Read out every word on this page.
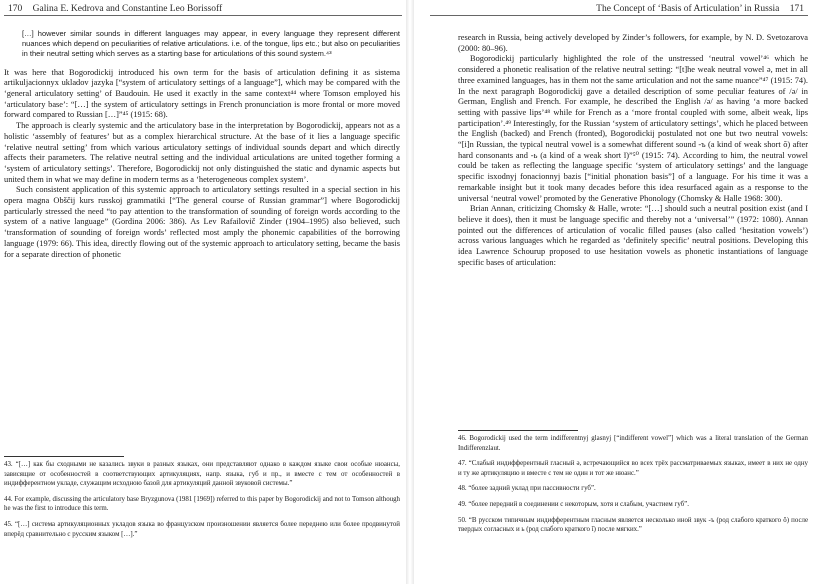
170 Galina E. Kedrova and Constantine Leo Borissoff
[…] however similar sounds in different languages may appear, in every language they represent different nuances which depend on peculiarities of relative articulations. i.e. of the tongue, lips etc.; but also on peculiarities in their neutral setting which serves as a starting base for articulations of this sound system.⁴³

It was here that Bogorodickij introduced his own term for the basis of articulation defining it as sistema artikuljacionnyx ukladov jazyka [“system of articulatory settings of a language”], which may be compared with the ‘general articulatory setting’ of Baudouin. He used it exactly in the same context⁴⁴ where Tomson employed his ‘articulatory base’: “[…] the system of articulatory settings in French pronunciation is more frontal or more moved forward compared to Russian […]”⁴⁵ (1915: 68).

The approach is clearly systemic and the articulatory base in the interpretation by Bogorodickij, appears not as a holistic ‘assembly of features’ but as a complex hierarchical structure. At the base of it lies a language specific ‘relative neutral setting’ from which various articulatory settings of individual sounds depart and which directly affects their parameters. The relative neutral setting and the individual articulations are united together forming a ‘system of articulatory settings’. Therefore, Bogorodickij not only distinguished the static and dynamic aspects but united them in what we may define in modern terms as a ‘heterogeneous complex system’.

Such consistent application of this systemic approach to articulatory settings resulted in a special section in his opera magna Obščij kurs russkoj grammatiki [“The general course of Russian grammar”] where Bogorodickij particularly stressed the need “to pay attention to the transformation of sounding of foreign words according to the system of a native language” (Gordina 2006: 386). As Lev Rafailovič Zinder (1904–1995) also believed, such ‘transformation of sounding of foreign words’ reflected most amply the phonemic capabilities of the borrowing language (1979: 66). This idea, directly flowing out of the systemic approach to articulatory setting, became the basis for a separate direction of phonetic

43. “[…] как бы сходными не казались звуки в разных языках, они представляют однако в каждом языке свои особые нюансы, зависящие от особенностей в соответствующих артикуляциях, напр. языка, губ и пр., и вместе с тем от особенностей в индифферентном укладе, служащим исходною базой для артикуляций данной звуковой системы.”

44. For example, discussing the articulatory base Bryzgunova (1981 [1969]) referred to this paper by Bogorodickij and not to Tomson although he was the first to introduce this term.

45. “[…] система артикуляционных укладов языка во французском произношении является более переднею или более продвинутой вперёд сравнительно с русским языком […].”

The Concept of ‘Basis of Articulation’ in Russia 171

research in Russia, being actively developed by Zinder’s followers, for example, by N. D. Svetozarova (2000: 80–96).

Bogorodickij particularly highlighted the role of the unstressed ‘neutral vowel’⁴⁶ which he considered a phonetic realisation of the relative neutral setting: “[t]he weak neutral vowel ə, met in all three examined languages, has in them not the same articulation and not the same nuance”⁴⁷ (1915: 74). In the next paragraph Bogorodickij gave a detailed description of some peculiar features of /ə/ in German, English and French. For example, he described the English /ə/ as having ‘a more backed setting with passive lips’⁴⁸ while for French as a ‘more frontal coupled with some, albeit weak, lips participation’.⁴⁹ Interestingly, for the Russian ‘system of articulatory settings’, which he placed between the English (backed) and French (fronted), Bogorodickij postulated not one but two neutral vowels: “[i]n Russian, the typical neutral vowel is a somewhat different sound -ъ (a kind of weak short ŏ) after hard consonants and -ь (a kind of a weak short ĭ)”⁵⁰ (1915: 74). According to him, the neutral vowel could be taken as reflecting the language specific ‘system of articulatory settings’ and the language specific isxodnyj fonacionnyj bazis [“initial phonation basis”] of a language. For his time it was a remarkable insight but it took many decades before this idea resurfaced again as a response to the universal ‘neutral vowel’ promoted by the Generative Phonology (Chomsky & Halle 1968: 300).

Brian Annan, criticizing Chomsky & Halle, wrote: “[…] should such a neutral position exist (and I believe it does), then it must be language specific and thereby not a ‘universal’” (1972: 1080). Annan pointed out the differences of articulation of vocalic filled pauses (also called ‘hesitation vowels’) across various languages which he regarded as ‘definitely specific’ neutral positions. Developing this idea Lawrence Schourup proposed to use hesitation vowels as phonetic instantiations of language specific bases of articulation:

46. Bogorodickij used the term indifferentnyj glasnyj [“indifferent vowel”] which was a literal translation of the German Indifferenzlaut.

47. “Слабый индифферентный гласный ə, встречающийся во всех трёх рассматриваемых языках, имеет в них не одну и ту же артикуляцию и вместе с тем не один и тот же нюанс.”

48. “более задний уклад при пассивности губ”.

49. “более передний в соединении с некоторым, хотя и слабым, участием губ”.

50. “В русском типичным индифферентным гласным является несколько иной звук -ъ (род слабого краткого ŏ) после твердых согласных и ь (род слабого краткого ĭ) после мягких.”
